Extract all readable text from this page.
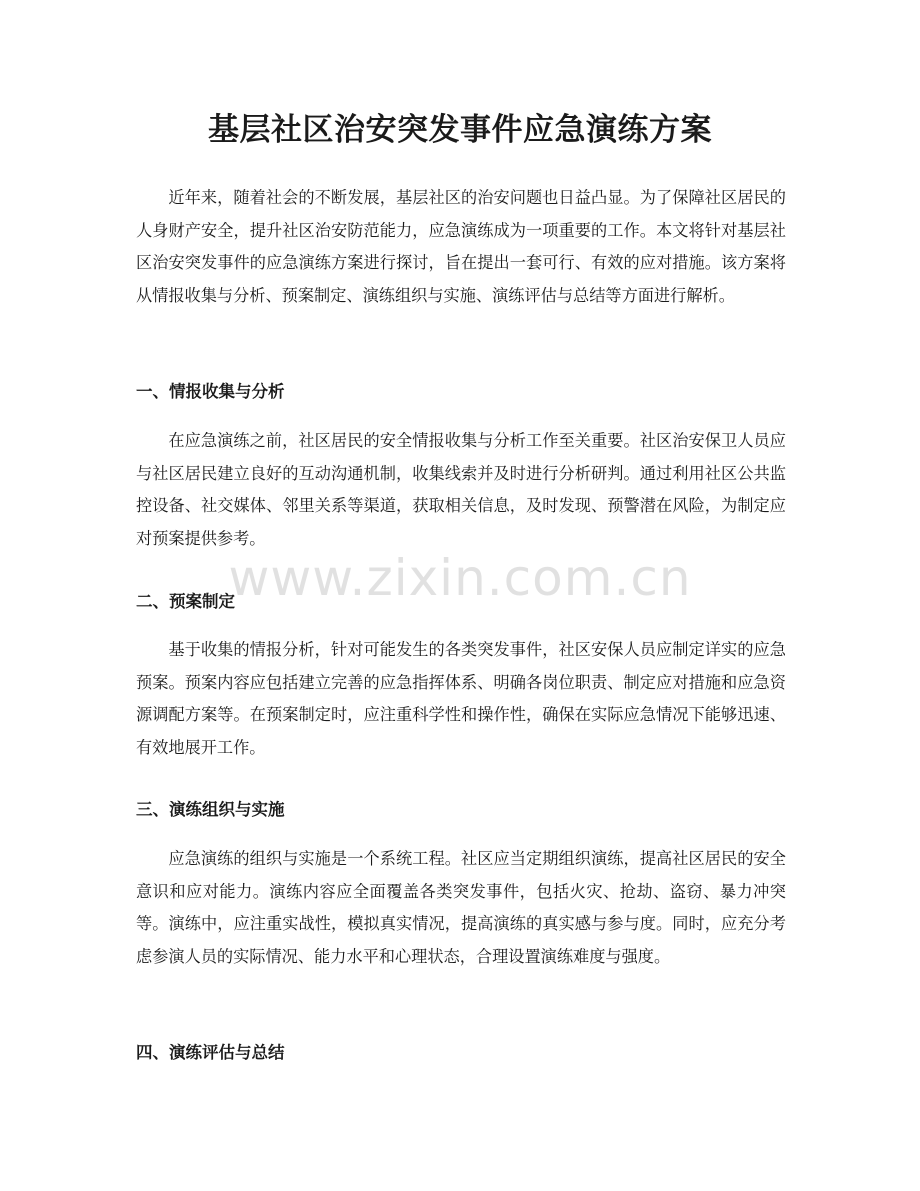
基层社区治安突发事件应急演练方案

近年来，随着社会的不断发展，基层社区的治安问题也日益凸显。为了保障社区居民的人身财产安全，提升社区治安防范能力，应急演练成为一项重要的工作。本文将针对基层社区治安突发事件的应急演练方案进行探讨，旨在提出一套可行、有效的应对措施。该方案将从情报收集与分析、预案制定、演练组织与实施、演练评估与总结等方面进行解析。

一、情报收集与分析

在应急演练之前，社区居民的安全情报收集与分析工作至关重要。社区治安保卫人员应与社区居民建立良好的互动沟通机制，收集线索并及时进行分析研判。通过利用社区公共监控设备、社交媒体、邻里关系等渠道，获取相关信息，及时发现、预警潜在风险，为制定应对预案提供参考。

二、预案制定

基于收集的情报分析，针对可能发生的各类突发事件，社区安保人员应制定详实的应急预案。预案内容应包括建立完善的应急指挥体系、明确各岗位职责、制定应对措施和应急资源调配方案等。在预案制定时，应注重科学性和操作性，确保在实际应急情况下能够迅速、有效地展开工作。

三、演练组织与实施

应急演练的组织与实施是一个系统工程。社区应当定期组织演练，提高社区居民的安全意识和应对能力。演练内容应全面覆盖各类突发事件，包括火灾、抢劫、盗窃、暴力冲突等。演练中，应注重实战性，模拟真实情况，提高演练的真实感与参与度。同时，应充分考虑参演人员的实际情况、能力水平和心理状态，合理设置演练难度与强度。

四、演练评估与总结
www.zixin.com.cn
